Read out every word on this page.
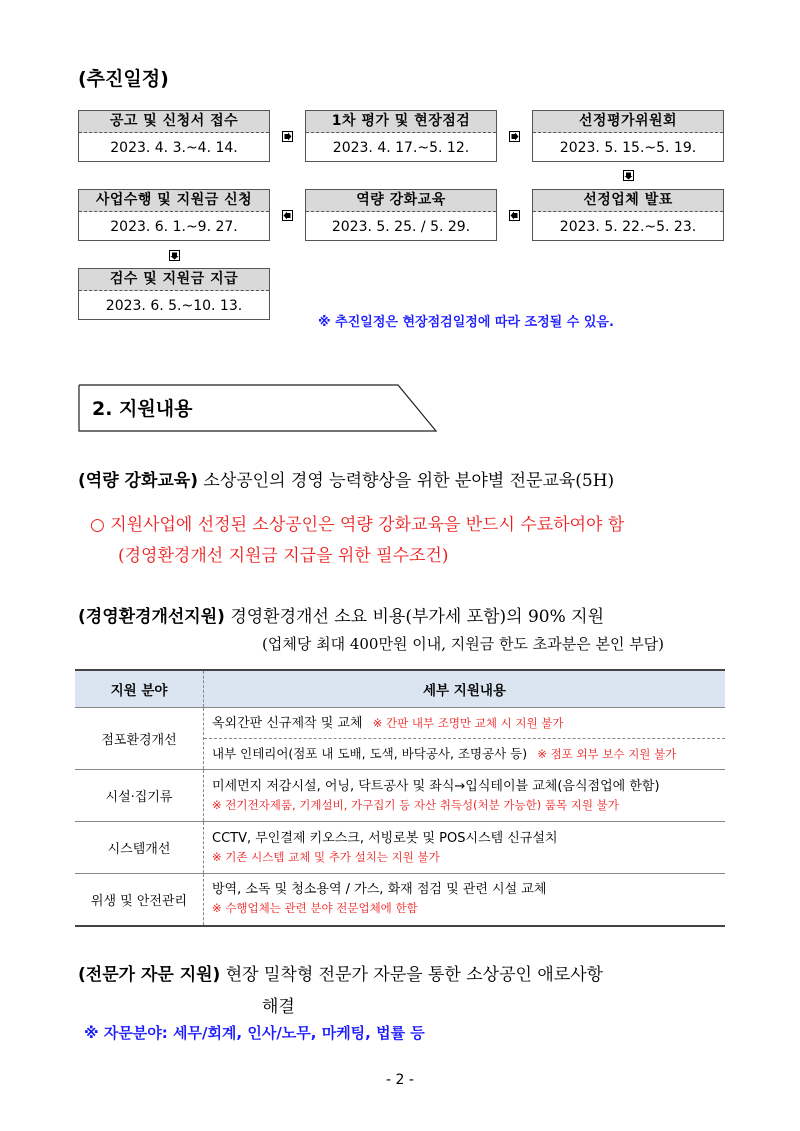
(추진일정)
공고 및 신청서 접수
2023. 4. 3.~4. 14.
1차 평가 및 현장점검
2023. 4. 17.~5. 12.
선정평가위원회
2023. 5. 15.~5. 19.
선정업체 발표
2023. 5. 22.~5. 23.
역량 강화교육
2023. 5. 25. / 5. 29.
사업수행 및 지원금 신청
2023. 6. 1.~9. 27.
검수 및 지원금 지급
2023. 6. 5.~10. 13.
※ 추진일정은 현장점검일정에 따라 조정될 수 있음.
2. 지원내용
(역량 강화교육) 소상공인의 경영 능력향상을 위한 분야별 전문교육(5H)
○ 지원사업에 선정된 소상공인은 역량 강화교육을 반드시 수료하여야 함
(경영환경개선 지원금 지급을 위한 필수조건)
(경영환경개선지원) 경영환경개선 소요 비용(부가세 포함)의 90% 지원
(업체당 최대 400만원 이내, 지원금 한도 초과분은 본인 부담)
지원 분야	세부 지원내용
점포환경개선	옥외간판 신규제작 및 교체 ※ 간판 내부 조명만 교체 시 지원 불가
내부 인테리어(점포 내 도배, 도색, 바닥공사, 조명공사 등) ※ 점포 외부 보수 지원 불가

시설·집기류	미세먼지 저감시설, 어닝, 닥트공사 및 좌식→입식테이블 교체(음식점업에 한함)
※ 전기전자제품, 기계설비, 가구집기 등 자산 취득성(처분 가능한) 품목 지원 불가

시스템개선	CCTV, 무인결제 키오스크, 서빙로봇 및 POS시스템 신규설치
※ 기존 시스템 교체 및 추가 설치는 지원 불가

위생 및 안전관리	방역, 소독 및 청소용역 / 가스, 화재 점검 및 관련 시설 교체
※ 수행업체는 관련 분야 전문업체에 한함
(전문가 자문 지원) 현장 밀착형 전문가 자문을 통한 소상공인 애로사항
해결
※ 자문분야: 세무/회계, 인사/노무, 마케팅, 법률 등
- 2 -
